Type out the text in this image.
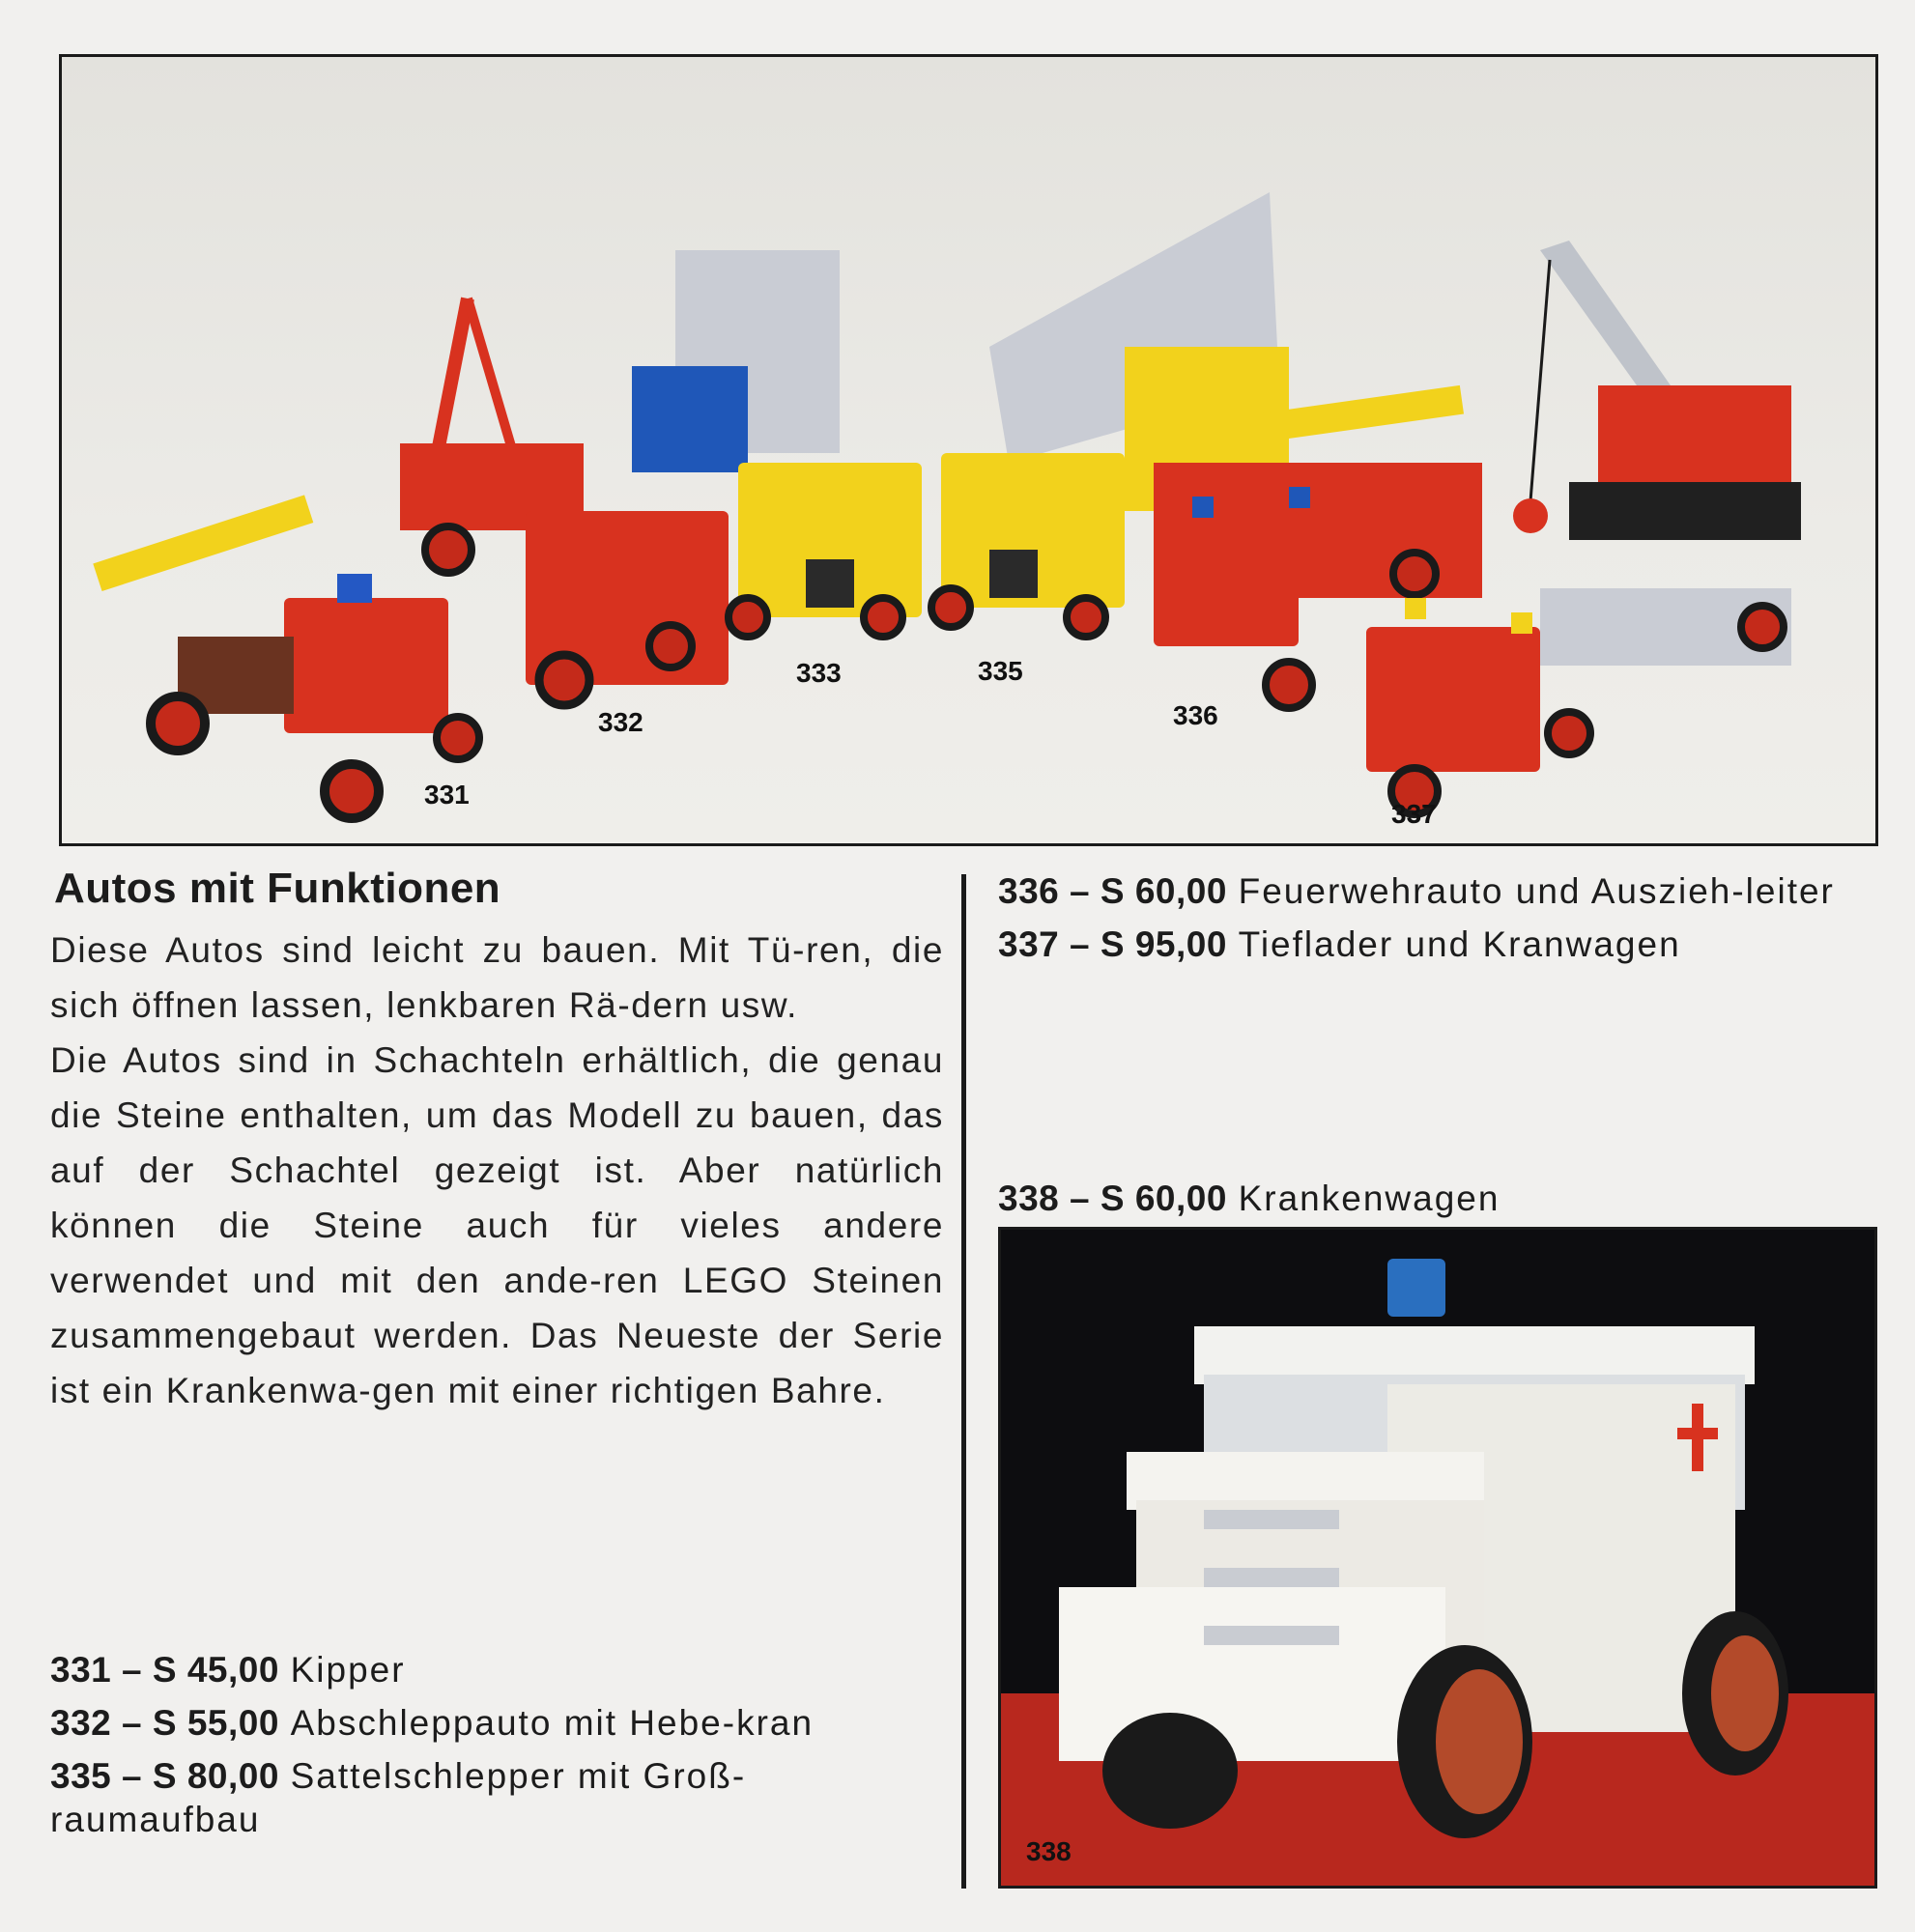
331
332
333	335
336
337
Autos mit Funktionen

Diese Autos sind leicht zu bauen. Mit Tü-ren, die sich öffnen lassen, lenkbaren Rä-dern usw.

Die Autos sind in Schachteln erhältlich, die genau die Steine enthalten, um das Modell zu bauen, das auf der Schachtel gezeigt ist. Aber natürlich können die Steine auch für vieles andere verwendet und mit den ande-ren LEGO Steinen zusammengebaut werden. Das Neueste der Serie ist ein Krankenwa-gen mit einer richtigen Bahre.

331 – S 45,00 Kipper
332 – S 55,00 Abschleppauto mit Hebe-kran
335 – S 80,00 Sattelschlepper mit Groß-raumaufbau
336 – S 60,00 Feuerwehrauto und Auszieh-leiter
337 – S 95,00 Tieflader und Kranwagen
338 – S 60,00 Krankenwagen
338
